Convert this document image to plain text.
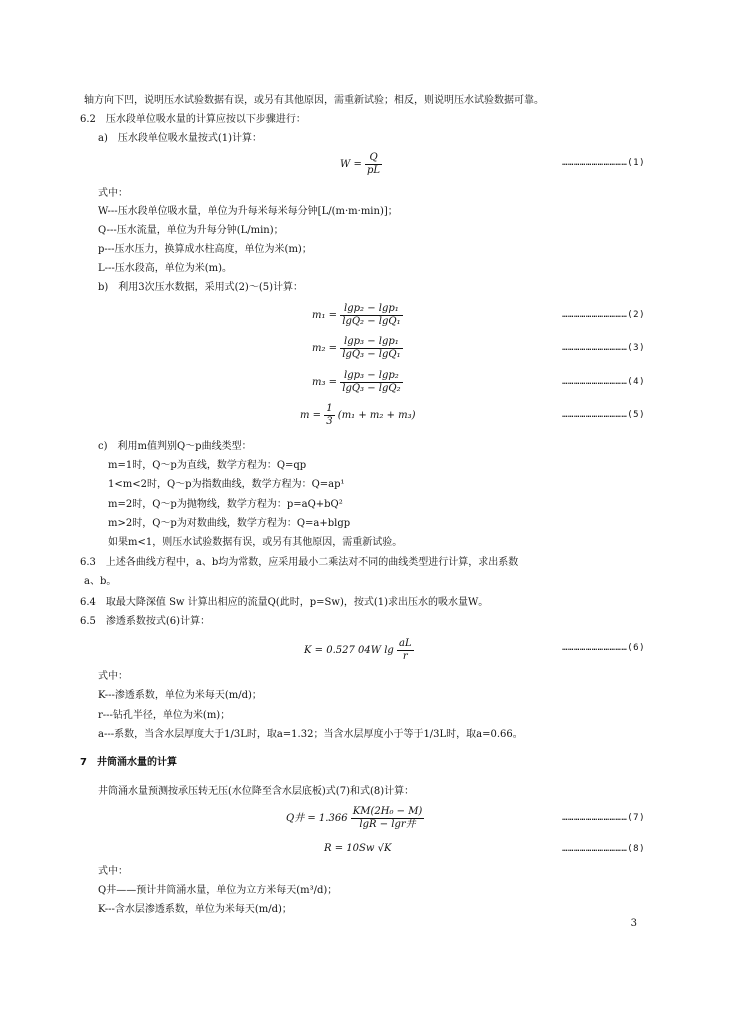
轴方向下凹，说明压水试验数据有误，或另有其他原因，需重新试验；相反，则说明压水试验数据可靠。
6.2　压水段单位吸水量的计算应按以下步骤进行：
a)　压水段单位吸水量按式(1)计算：
$W = \frac{Q}{pL}$	……………………………(1)
式中：
W---压水段单位吸水量，单位为升每米每米每分钟[L/(m·m·min)]；
Q---压水流量，单位为升每分钟(L/min)；
p---压水压力，换算成水柱高度，单位为米(m)；
L---压水段高，单位为米(m)。
b)　利用3次压水数据，采用式(2)～(5)计算：
$m_1 = \frac{\text{lgp₂ − lgp₁}}{\text{lgQ₂ − lgQ₁}}$	……………………………(2)
$m_2 = \frac{\text{lgp₃ − lgp₁}}{\text{lgQ₃ − lgQ₁}}$	……………………………(3)
$m_3 = \frac{\text{lgp₃ − lgp₂}}{\text{lgQ₃ − lgQ₂}}$	……………………………(4)
$m = \frac{1}{3} (m_1 + m_2 + m_3)$	……………………………(5)
c)　利用m值判别Q～p曲线类型：
m=1时，Q～p为直线，数学方程为：Q=qp
1<m<2时，Q～p为指数曲线，数学方程为：Q=ap¹
m=2时，Q～p为抛物线，数学方程为：p=aQ+bQ²
m>2时，Q～p为对数曲线，数学方程为：Q=a+blgp
如果m<1，则压水试验数据有误，或另有其他原因，需重新试验。
6.3　上述各曲线方程中，a、b均为常数，应采用最小二乘法对不同的曲线类型进行计算，求出系数
a、b。
6.4　取最大降深值 Sw 计算出相应的流量Q(此时，p=Sw)，按式(1)求出压水的吸水量W。
6.5　渗透系数按式(6)计算：
K = 0.527 04W $\lg \frac{aL}{r}$	……………………………(6)
式中：
K---渗透系数，单位为米每天(m/d)；
r---钻孔半径，单位为米(m)；
a---系数，当含水层厚度大于1/3L时，取a=1.32；当含水层厚度小于等于1/3L时，取a=0.66。
7　井筒涌水量的计算
井筒涌水量预测按承压转无压(水位降至含水层底板)式(7)和式(8)计算：
Q井 = $1.366 \frac{\text{KM(2H₀ − M)}}{\text{lgR − lgr井}}$	……………………………(7)
R = 10Sw √K	……………………………(8)
式中：
Q井——预计井筒涌水量，单位为立方米每天(m³/d)；
K---含水层渗透系数，单位为米每天(m/d)；
3
